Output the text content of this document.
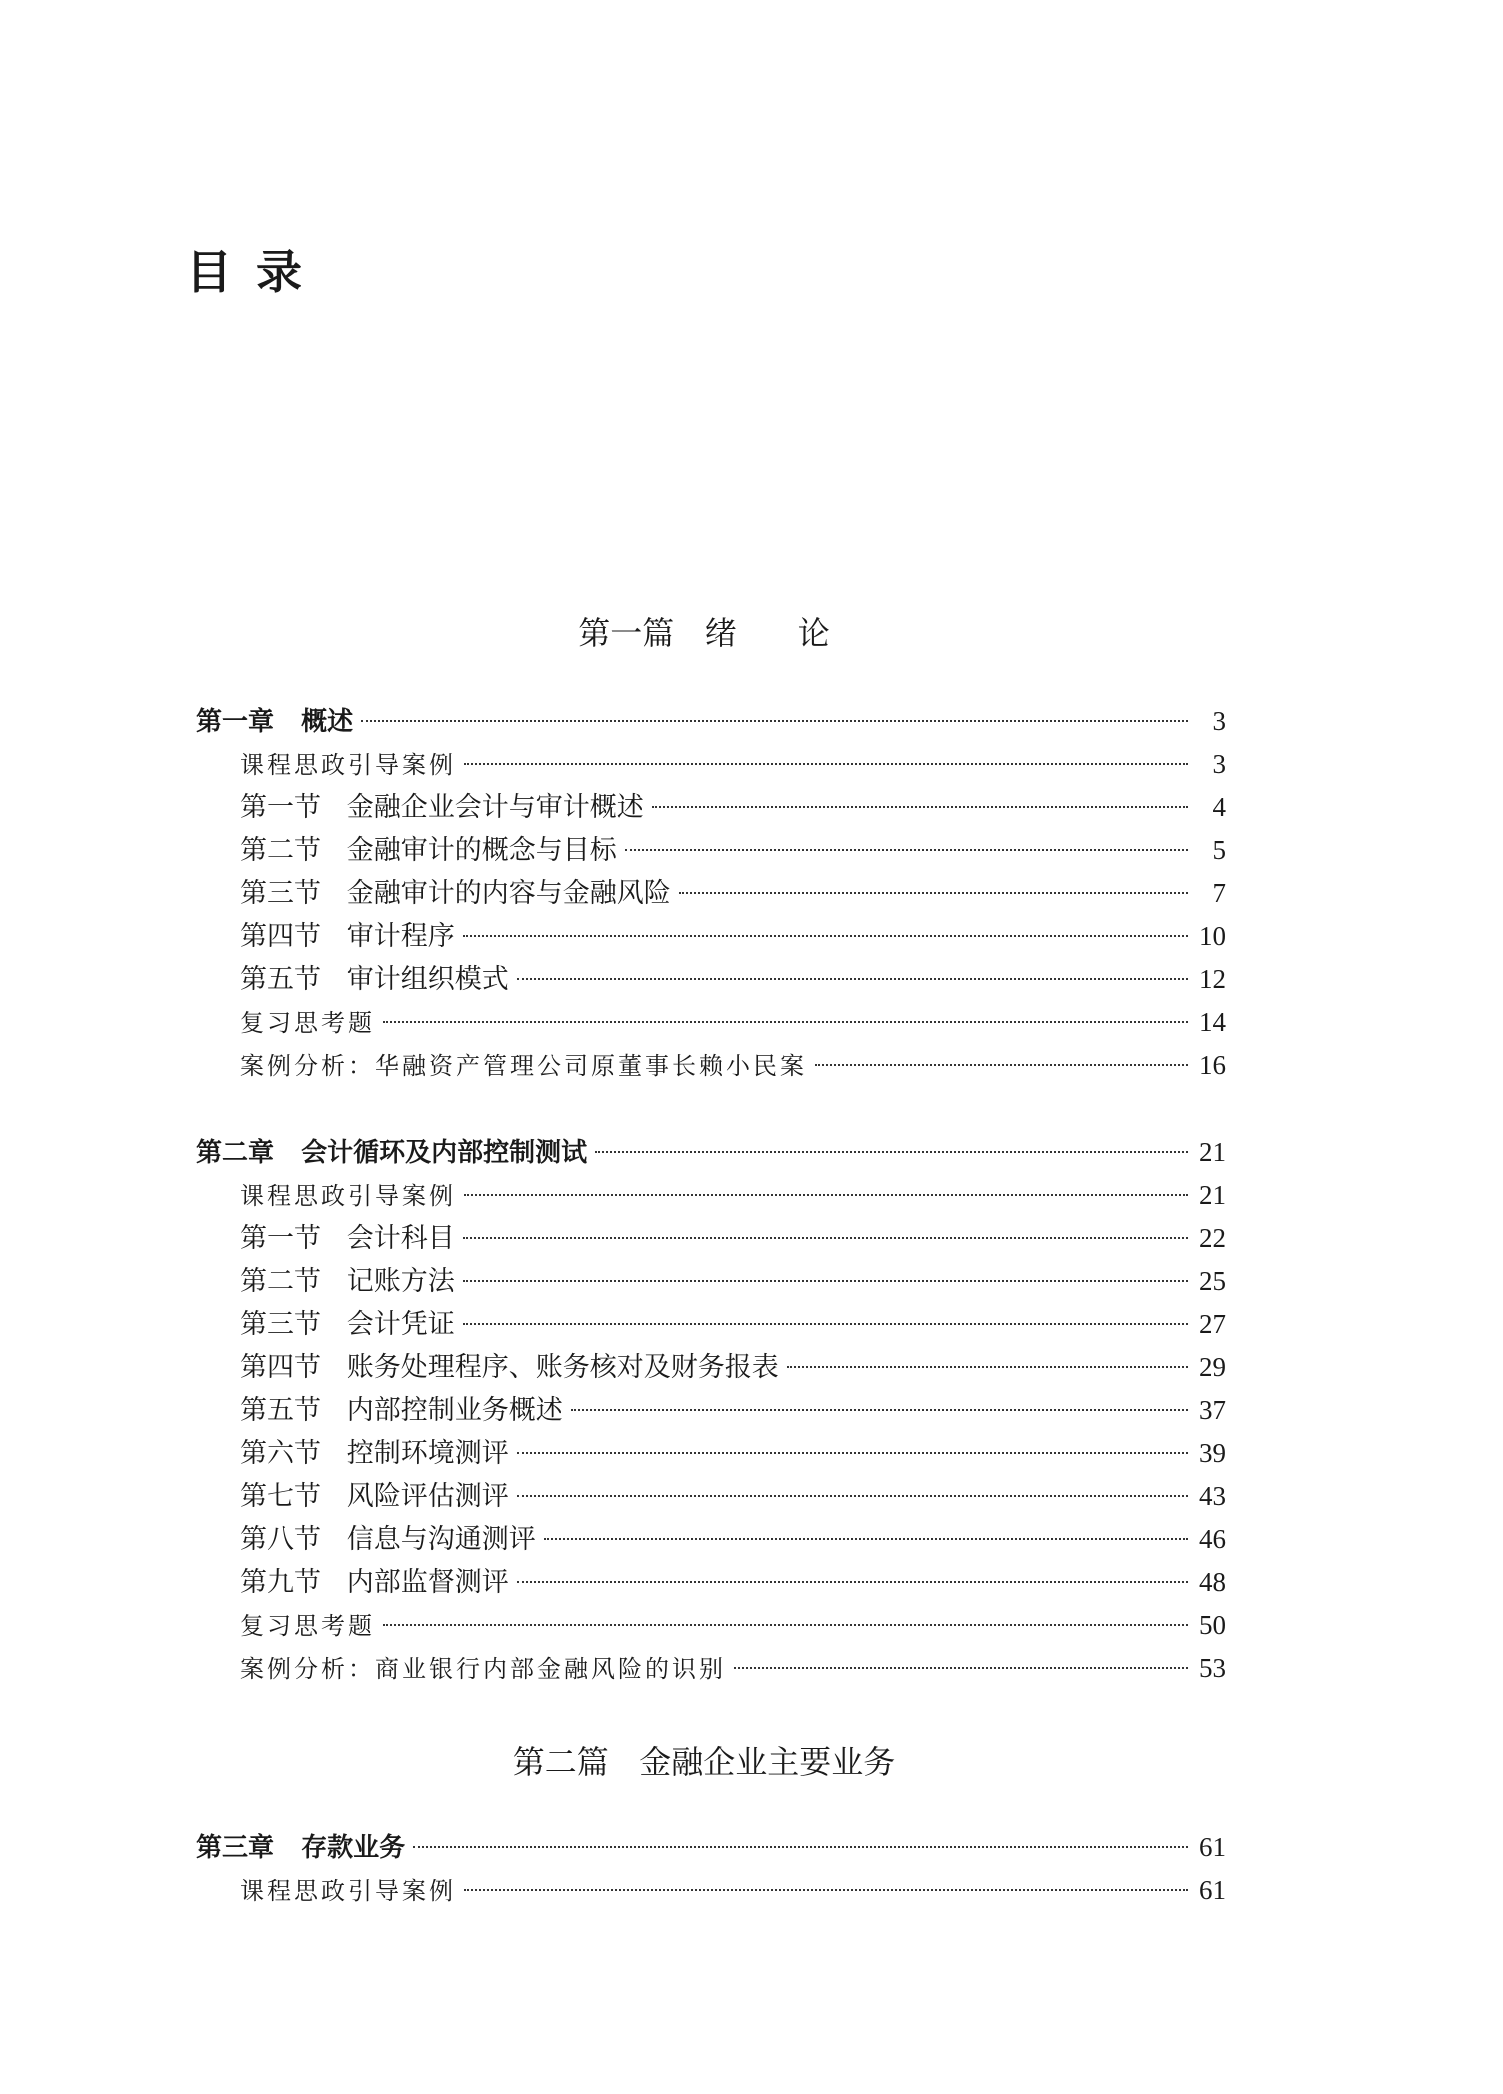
目 录
第一篇   绪      论
第一章   概述	3
课程思政引导案例	3
第一节   金融企业会计与审计概述	4
第二节   金融审计的概念与目标	5
第三节   金融审计的内容与金融风险	7
第四节   审计程序	10
第五节   审计组织模式	12
复习思考题	14
案例分析：华融资产管理公司原董事长赖小民案	16
第二章   会计循环及内部控制测试	21
课程思政引导案例	21
第一节   会计科目	22
第二节   记账方法	25
第三节   会计凭证	27
第四节   账务处理程序、账务核对及财务报表	29
第五节   内部控制业务概述	37
第六节   控制环境测评	39
第七节   风险评估测评	43
第八节   信息与沟通测评	46
第九节   内部监督测评	48
复习思考题	50
案例分析：商业银行内部金融风险的识别	53
第二篇   金融企业主要业务
第三章   存款业务	61
课程思政引导案例	61
